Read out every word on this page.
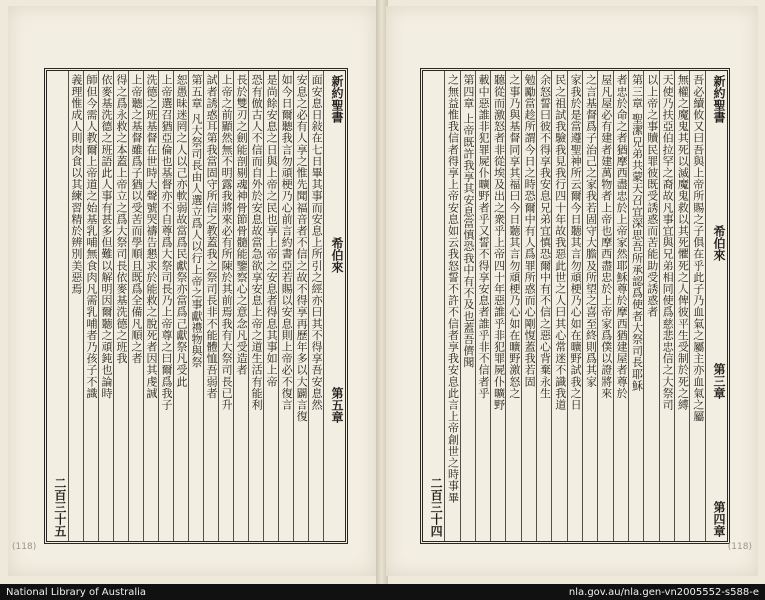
新約聖書
希伯來
第五章
面安息日敍在七日畢其事而安息上所引之經亦曰其不得享吾安息然
安息之必有人享之惟先聞福音者不信之故不得享再歷年多以大闢言復
如今日爾聽我言勿頑梗乃心前言約書亞若賜以安息則上帝必不復言
是尚餘安息之日與上帝之民也享上帝之安息者得息其事如上帝
恐有倣古人不信而自外於安息故當急欲享安息上帝之道生活有能利
長於雙刃之劍能剖剔魂神骨節骨髓能鑒察心之意念凡受造者
上帝之前顯然無不明露我將來必有所陳於其前焉我有大祭司長已升
試者誘惑耳第我當固守所信之教蓋我之祭司長非不能體恤吾弱者
第五章 凡大祭司長由人選立爲人以行上帝之事獻禮物與祭
恕愚昧迷罔之人以己亦軟弱故當爲民獻祭亦當爲己獻祭凡受此
上帝選召猶亞倫也基督亦不自尊爲大祭司長乃上帝尊之曰爾爲我子
洗德之班基督在世時大聲號哭禱告懇求於能救之脫死者因其虔誠
上帝聽之基督雖爲子猶以受苦而學順且既爲全備凡順之者
得之爲永救之本蓋上帝立之爲大祭司長依麥基洗德之班我
依麥基洗德之班語此人事有甚多但難以解明因爾聽之頑鈍也論時
師但今需人教爾上帝道之始基乳哺無食肉凡需乳哺者乃孩子不識
義理惟成人則肉食以其練習精於辨別美惡焉
二百三十五
(118)
新約聖書
希伯來
第三章
第四章
吾必續攸又曰吾與上帝所賜之子俱在乎此子乃血氣之屬主亦血氣之屬
無權之魔鬼其死以滅魔鬼救以其死懼死之人俾彼平生受制於死之縛
天使乃扶亞伯拉罕之裔故凡事宜與兄弟相同使爲慈悲忠信之大祭司
以上帝之事贖民罪彼既受誘惑而苦能助受誘惑者
第三章 聖潔兄弟共蒙天召宜深思吾所承認爲使者大祭司長耶穌
者忠於命之者猶摩西盡忠於上帝家然耶穌尊於摩西猶建屋者尊於
屋凡屋必有建者建萬物者上帝也摩西盡忠於上帝家爲僕以證將來
之言基督爲子治己之家我若固守大膽及所望之喜至終則爲其家
家我於是當遵聖神所云爾今日聽其言勿頑梗乃心如在曠野試我之日
民之祖試我驗我見我行四十年故我惡此世之人曰其心常迷不識我道
余怒誓曰彼不得享我安息兄弟宜慎恐爾中有不信之惡心背棄永生
勉勵當趁所謂今日之時恐爾中有人爲罪所惑而心剛愎蓋我若固
之事乃與基督同享其福曰今日聽其言勿頑梗乃心如在曠野激怒之
聽從而激怒者非從埃及出之衆乎上帝四十年惡誰乎非犯罪屍仆曠野
載中惡誰非犯罪屍仆曠野者乎又誓不得享安息者誰乎非不信者乎
第四章 上帝既許我享其安息當慎恐我中有不及也蓋吾儕聞
之無益惟我信者得享上帝安息如云我怒誓不許不信者享我安息此言上帝創世之時事畢
二百三十四
(118)
National Library of Australia	nla.gov.au/nla.gen-vn2005552-s588-e
